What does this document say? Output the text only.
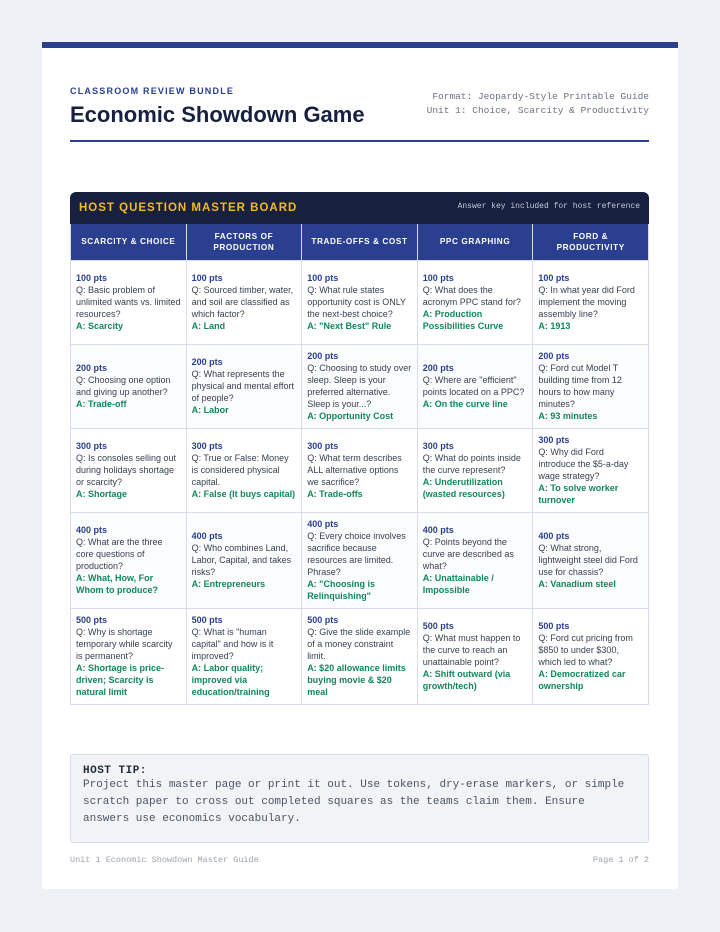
CLASSROOM REVIEW BUNDLE
Economic Showdown Game
Format: Jeopardy-Style Printable Guide
Unit 1: Choice, Scarcity & Productivity
HOST QUESTION MASTER BOARD	Answer key included for host reference
SCARCITY & CHOICE	FACTORS OF PRODUCTION	TRADE-OFFS & COST	PPC GRAPHING	FORD & PRODUCTIVITY

100 pts
Q: Basic problem of unlimited wants vs. limited resources?
A: Scarcity	100 pts
Q: Sourced timber, water, and soil are classified as which factor?
A: Land	100 pts
Q: What rule states opportunity cost is ONLY the next-best choice?
A: "Next Best" Rule	100 pts
Q: What does the acronym PPC stand for?
A: Production Possibilities Curve	100 pts
Q: In what year did Ford implement the moving assembly line?
A: 1913

200 pts
Q: Choosing one option and giving up another?
A: Trade-off	200 pts
Q: What represents the physical and mental effort of people?
A: Labor	200 pts
Q: Choosing to study over sleep. Sleep is your preferred alternative. Sleep is your...?
A: Opportunity Cost	200 pts
Q: Where are "efficient" points located on a PPC?
A: On the curve line	200 pts
Q: Ford cut Model T building time from 12 hours to how many minutes?
A: 93 minutes

300 pts
Q: Is consoles selling out during holidays shortage or scarcity?
A: Shortage	300 pts
Q: True or False: Money is considered physical capital.
A: False (It buys capital)	300 pts
Q: What term describes ALL alternative options we sacrifice?
A: Trade-offs	300 pts
Q: What do points inside the curve represent?
A: Underutilization (wasted resources)	300 pts
Q: Why did Ford introduce the $5-a-day wage strategy?
A: To solve worker turnover

400 pts
Q: What are the three core questions of production?
A: What, How, For Whom to produce?	400 pts
Q: Who combines Land, Labor, Capital, and takes risks?
A: Entrepreneurs	400 pts
Q: Every choice involves sacrifice because resources are limited. Phrase?
A: "Choosing is Relinquishing"	400 pts
Q: Points beyond the curve are described as what?
A: Unattainable / Impossible	400 pts
Q: What strong, lightweight steel did Ford use for chassis?
A: Vanadium steel

500 pts
Q: Why is shortage temporary while scarcity is permanent?
A: Shortage is price-driven; Scarcity is natural limit	500 pts
Q: What is "human capital" and how is it improved?
A: Labor quality; improved via education/training	500 pts
Q: Give the slide example of a money constraint limit.
A: $20 allowance limits buying movie & $20 meal	500 pts
Q: What must happen to the curve to reach an unattainable point?
A: Shift outward (via growth/tech)	500 pts
Q: Ford cut pricing from $850 to under $300, which led to what?
A: Democratized car ownership
HOST TIP:
Project this master page or print it out. Use tokens, dry-erase markers, or simple scratch paper to cross out completed squares as the teams claim them. Ensure answers use economics vocabulary.
Unit 1 Economic Showdown Master Guide	Page 1 of 2
